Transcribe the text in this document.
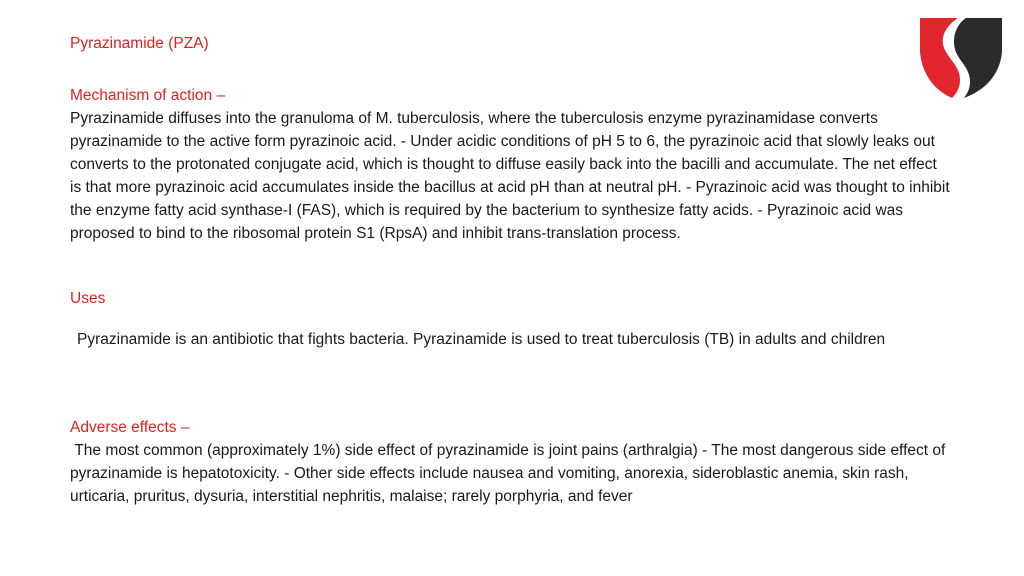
Pyrazinamide (PZA)
Mechanism of action –
Pyrazinamide diffuses into the granuloma of M. tuberculosis, where the tuberculosis enzyme pyrazinamidase converts pyrazinamide to the active form pyrazinoic acid. - Under acidic conditions of pH 5 to 6, the pyrazinoic acid that slowly leaks out converts to the protonated conjugate acid, which is thought to diffuse easily back into the bacilli and accumulate. The net effect is that more pyrazinoic acid accumulates inside the bacillus at acid pH than at neutral pH. - Pyrazinoic acid was thought to inhibit the enzyme fatty acid synthase-I (FAS), which is required by the bacterium to synthesize fatty acids. - Pyrazinoic acid was proposed to bind to the ribosomal protein S1 (RpsA) and inhibit trans-translation process.
Uses
Pyrazinamide is an antibiotic that fights bacteria. Pyrazinamide is used to treat tuberculosis (TB) in adults and children
Adverse effects –
The most common (approximately 1%) side effect of pyrazinamide is joint pains (arthralgia) - The most dangerous side effect of pyrazinamide is hepatotoxicity. - Other side effects include nausea and vomiting, anorexia, sideroblastic anemia, skin rash, urticaria, pruritus, dysuria, interstitial nephritis, malaise; rarely porphyria, and fever
